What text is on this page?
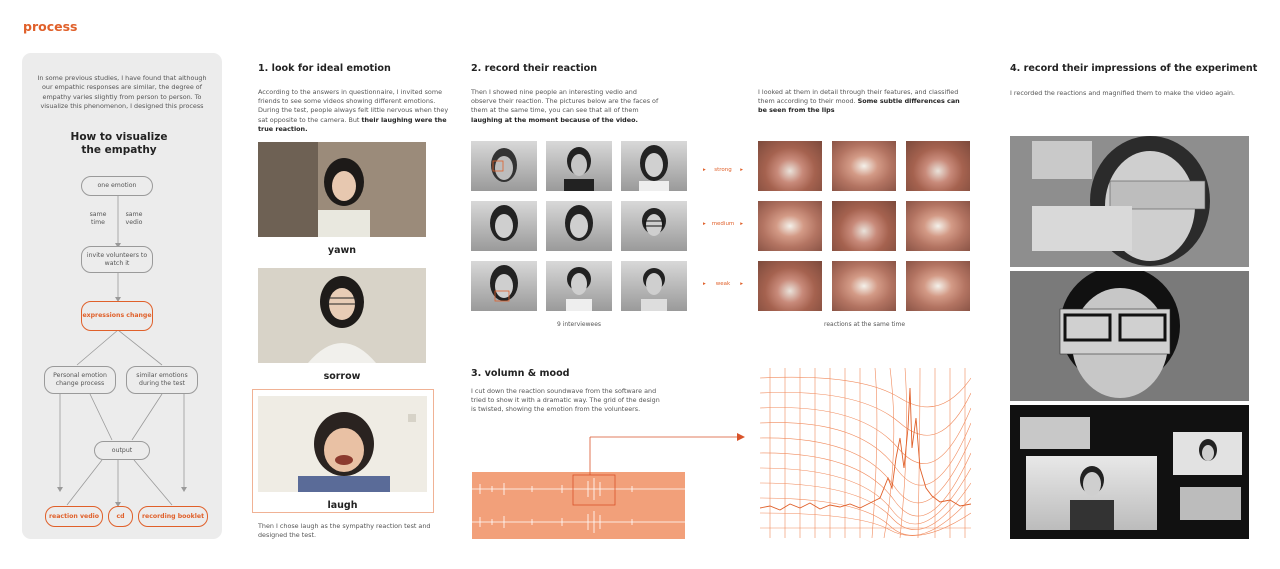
process
In some previous studies, I have found that although our empathic responses are similar, the degree of empathy varies slightly from person to person. To visualize this phenomenon, I designed this process
How to visualize
the empathy
one emotion
same time
same vedio
invite volunteers to watch it
expressions change
Personal emotion change process
similar emotions during the test
output
reaction vedio	cd	recording booklet
1. look for ideal emotion
According to the answers in questionnaire, I invited some friends to see some videos showing different emotions. During the test, people always felt little nervous when they sat opposite to the camera. But their laughing were the true reaction.
yawn
sorrow
laugh
Then I chose laugh as the sympathy reaction test and designed the test.
2. record their reaction
Then I showed nine people an interesting vedio and observe their reaction. The pictures below are the faces of them at the same time, you can see that all of them laughing at the moment because of the video.
I looked at them in detail through their features, and classified them according to their mood. Some subtle differences can be seen from the lips
▸ strong ▸
▸ medium ▸
▸ weak ▸
9 interviewees	reactions at the same time
3. volumn & mood
I cut down the reaction soundwave from the software and tried to show it with a dramatic way. The grid of the design is twisted, showing the emotion from the volunteers.
4. record their impressions of the experiment
I recorded the reactions and magnified them to make the video again.
